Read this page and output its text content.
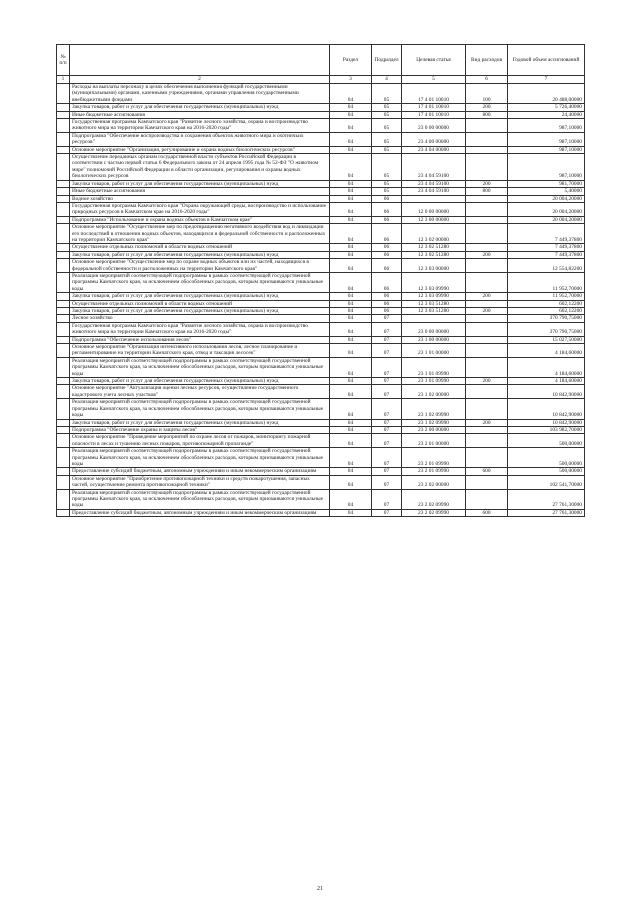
№ п/п		Раздел	Подраздел	Целевая статья	Вид расходов	Годовой объем ассигнований
1	2	3	4	5	6	7
	Расходы на выплаты персоналу в целях обеспечения выполнения функций государственными (муниципальными) органами, казенными учреждениями, органами управления государственными внебюджетными фондами	04	05	17 4 01 10010	100	20 488,00000
	Закупка товаров, работ и услуг для обеспечения государственных (муниципальных) нужд	04	05	17 4 01 10010	200	5 726,40000
	Иные бюджетные ассигнования	04	05	17 4 01 10010	800	24,40000
	Государственная программа Камчатского края "Развитие лесного хозяйства, охрана и воспроизводство животного мира на территории Камчатского края на 2016-2020 годы"	04	05	23 0 00 00000		987,10000
	Подпрограмма "Обеспечение воспроизводства и сохранения объектов животного мира и охотничьих ресурсов"	04	05	23 4 00 00000		987,10000
	Основное мероприятие "Организация, регулирование и охрана водных биологических ресурсов"	04	05	23 4 04 00000		987,10000
	Осуществление переданных органам государственной власти субъектов Российской Федерации в соответствии с частью первой статьи 6 Федерального закона от 24 апреля 1995 года № 52-ФЗ "О животном мире" полномочий Российской Федерации в области организации, регулирования и охраны водных биологических ресурсов	04	05	23 4 04 59100		987,10000
	Закупка товаров, работ и услуг для обеспечения государственных (муниципальных) нужд	04	05	23 4 04 59100	200	981,70000
	Иные бюджетные ассигнования	04	05	23 4 04 59100	800	5,40000
	Водное хозяйство	04	06			20 004,20000
	Государственная программа Камчатского края "Охрана окружающей среды, воспроизводство и использование природных ресурсов в Камчатском крае на 2016-2020 годы"	04	06	12 0 00 00000		20 004,20000
	Подпрограмма "Использование и охрана водных объектов в Камчатском крае"	04	06	12 3 00 00000		20 004,20000
	Основное мероприятие "Осуществление мер по предотвращению негативного воздействия вод и ликвидации его последствий в отношении водных объектов, находящихся в федеральной собственности и расположенных на территории Камчатского края"	04	06	12 3 02 00000		7 449,37800
	Осуществление отдельных полномочий в области водных отношений	04	06	12 3 02 51280		7 449,37800
	Закупка товаров, работ и услуг для обеспечения государственных (муниципальных) нужд	04	06	12 3 02 51280	200	7 449,37800
	Основное мероприятие "Осуществление мер по охране водных объектов или их частей, находящихся в федеральной собственности и расположенных на территории Камчатского края"	04	06	12 3 03 00000		12 554,82200
	Реализация мероприятий соответствующей подпрограммы в рамках соответствующей государственной программы Камчатского края, за исключением обособленных расходов, которым присваиваются уникальные коды	04	06	12 3 03 09990		11 952,70000
	Закупка товаров, работ и услуг для обеспечения государственных (муниципальных) нужд	04	06	12 3 03 09990	200	11 952,70000
	Осуществление отдельных полномочий в области водных отношений	04	06	12 3 03 51280		602,12200
	Закупка товаров, работ и услуг для обеспечения государственных (муниципальных) нужд	04	06	12 3 03 51280	200	602,12200
	Лесное хозяйство	04	07			370 790,75000
	Государственная программа Камчатского края "Развитие лесного хозяйства, охрана и воспроизводство животного мира на территории Камчатского края на 2016-2020 годы"	04	07	23 0 00 00000		370 790,75000
	Подпрограмма "Обеспечение использования лесов"	04	07	23 1 00 00000		15 027,50000
	Основное мероприятие "Организация интенсивного использования лесов, лесное планирование и регламентирование на территории Камчатского края, отвод и таксация лесосек"	04	07	23 1 01 00000		4 184,60000
	Реализация мероприятий соответствующей подпрограммы в рамках соответствующей государственной программы Камчатского края, за исключением обособленных расходов, которым присваиваются уникальные коды	04	07	23 1 01 09990		4 184,60000
	Закупка товаров, работ и услуг для обеспечения государственных (муниципальных) нужд	04	07	23 1 01 09990	200	4 184,60000
	Основное мероприятие "Актуализация оценки лесных ресурсов, осуществление государственного кадастрового учета лесных участков"	04	07	23 1 02 00000		10 842,90000
	Реализация мероприятий соответствующей подпрограммы в рамках соответствующей государственной программы Камчатского края, за исключением обособленных расходов, которым присваиваются уникальные коды	04	07	23 1 02 09990		10 842,90000
	Закупка товаров, работ и услуг для обеспечения государственных (муниципальных) нужд	04	07	23 1 02 09990	200	10 842,90000
	Подпрограмма "Обеспечение охраны и защиты лесов"	04	07	23 2 00 00000		103 982,70000
	Основное мероприятие "Проведение мероприятий по охране лесов от пожаров, мониторингу пожарной опасности в лесах и тушению лесных пожаров, противопожарной пропаганде"	04	07	23 2 01 00000		500,00000
	Реализация мероприятий соответствующей подпрограммы в рамках соответствующей государственной программы Камчатского края, за исключением обособленных расходов, которым присваиваются уникальные коды	04	07	23 2 01 09990		500,00000
	Предоставление субсидий бюджетным, автономным учреждениям и иным некоммерческим организациям	04	07	23 2 01 09990	600	500,00000
	Основное мероприятие "Приобретение противопожарной техники и средств пожаротушения, запасных частей, осуществление ремонта противопожарной техники"	04	07	23 2 02 00000		102 541,70000
	Реализация мероприятий соответствующей подпрограммы в рамках соответствующей государственной программы Камчатского края, за исключением обособленных расходов, которым присваиваются уникальные коды	04	07	23 2 02 09990		27 761,30000
	Предоставление субсидий бюджетным, автономным учреждениям и иным некоммерческим организациям	04	07	23 2 02 09990	600	27 761,30000
21
